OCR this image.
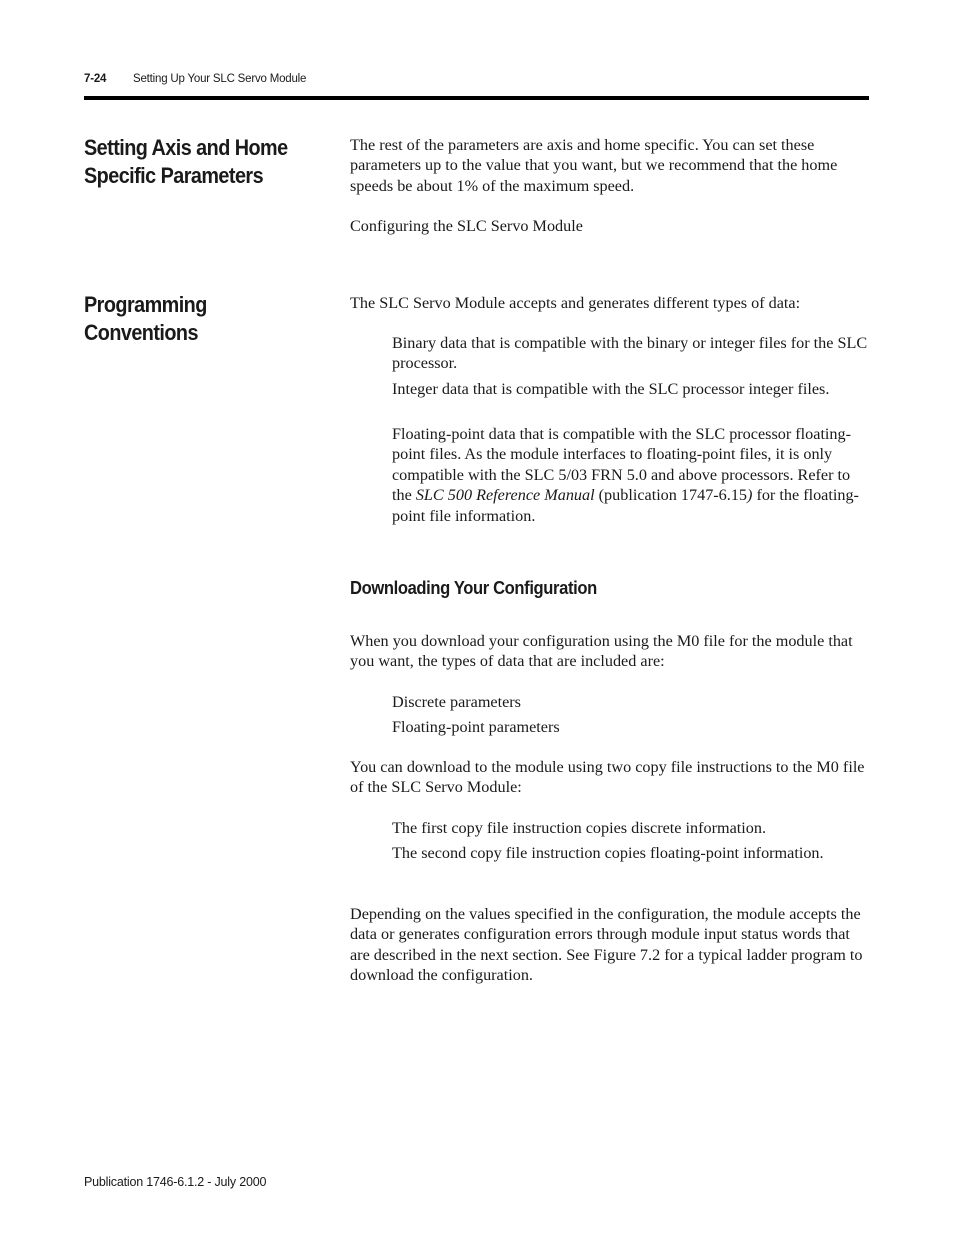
7-24 Setting Up Your SLC Servo Module
Setting Axis and Home
Specific Parameters

The rest of the parameters are axis and home specific. You can set these parameters up to the value that you want, but we recommend that the home speeds be about 1% of the maximum speed.

Configuring the SLC Servo Module

Programming Conventions

The SLC Servo Module accepts and generates different types of data:

Binary data that is compatible with the binary or integer files for the SLC processor.

Integer data that is compatible with the SLC processor integer files.

Floating-point data that is compatible with the SLC processor floating-point files. As the module interfaces to floating-point files, it is only compatible with the SLC 5/03 FRN 5.0 and above processors. Refer to the SLC 500 Reference Manual (publication 1747-6.15) for the floating-point file information.

Downloading Your Configuration

When you download your configuration using the M0 file for the module that you want, the types of data that are included are:

Discrete parameters

Floating-point parameters

You can download to the module using two copy file instructions to the M0 file of the SLC Servo Module:

The first copy file instruction copies discrete information.

The second copy file instruction copies floating-point information.

Depending on the values specified in the configuration, the module accepts the data or generates configuration errors through module input status words that are described in the next section. See Figure 7.2 for a typical ladder program to download the configuration.

Publication 1746-6.1.2 - July 2000
